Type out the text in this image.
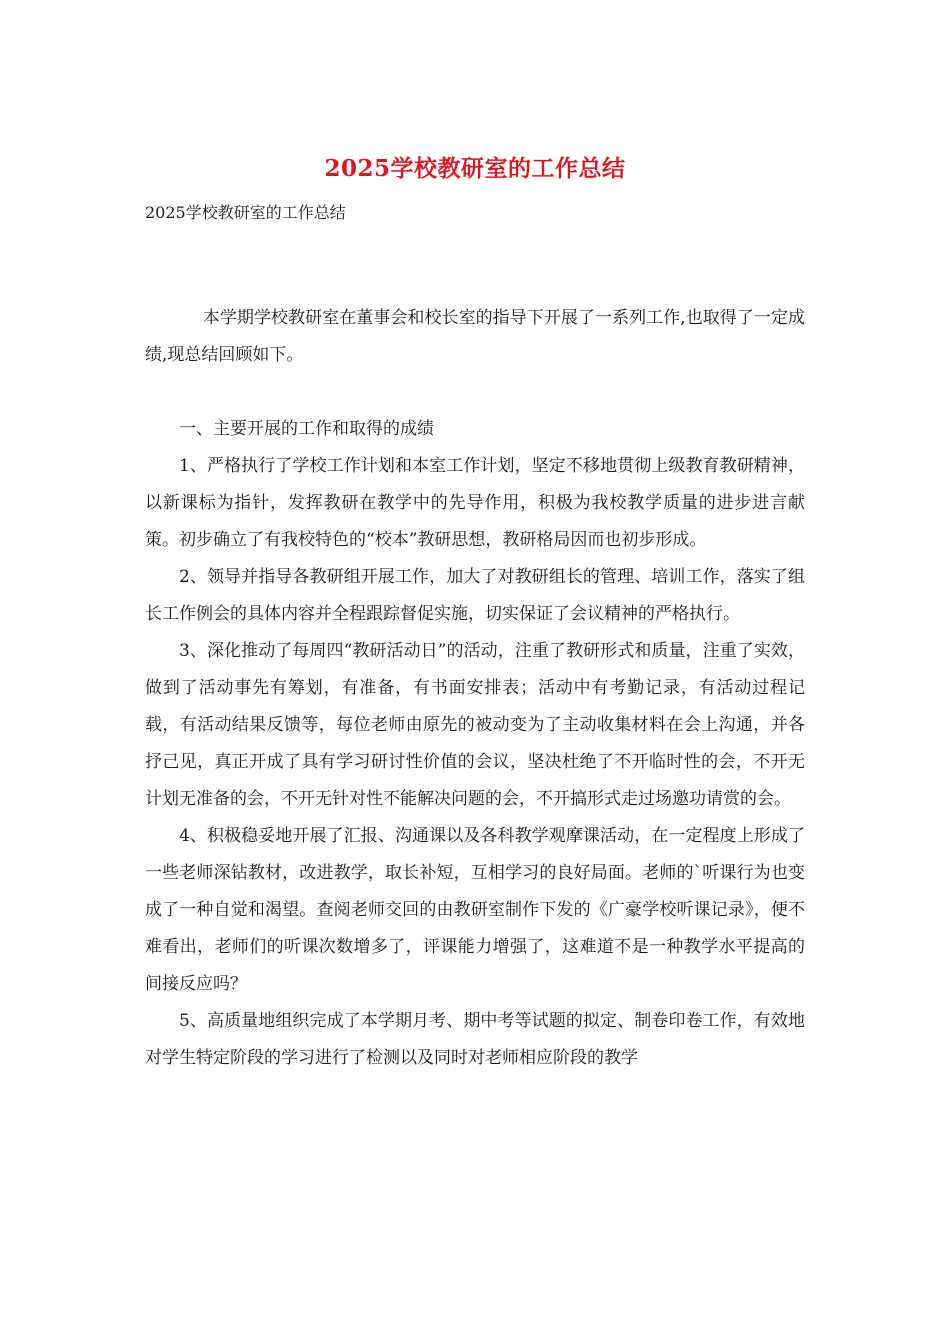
2025学校教研室的工作总结

2025学校教研室的工作总结

本学期学校教研室在董事会和校长室的指导下开展了一系列工作,也取得了一定成绩,现总结回顾如下。

一、主要开展的工作和取得的成绩

1、严格执行了学校工作计划和本室工作计划，坚定不移地贯彻上级教育教研精神，以新课标为指针，发挥教研在教学中的先导作用，积极为我校教学质量的进步进言献策。初步确立了有我校特色的“校本”教研思想，教研格局因而也初步形成。

2、领导并指导各教研组开展工作，加大了对教研组长的管理、培训工作，落实了组长工作例会的具体内容并全程跟踪督促实施，切实保证了会议精神的严格执行。

3、深化推动了每周四“教研活动日”的活动，注重了教研形式和质量，注重了实效，做到了活动事先有筹划，有准备，有书面安排表；活动中有考勤记录，有活动过程记载，有活动结果反馈等，每位老师由原先的被动变为了主动收集材料在会上沟通，并各抒己见，真正开成了具有学习研讨性价值的会议，坚决杜绝了不开临时性的会，不开无计划无准备的会，不开无针对性不能解决问题的会，不开搞形式走过场邀功请赏的会。

4、积极稳妥地开展了汇报、沟通课以及各科教学观摩课活动，在一定程度上形成了一些老师深钻教材，改进教学，取长补短，互相学习的良好局面。老师的`听课行为也变成了一种自觉和渴望。查阅老师交回的由教研室制作下发的《广豪学校听课记录》，便不难看出，老师们的听课次数增多了，评课能力增强了，这难道不是一种教学水平提高的间接反应吗？

5、高质量地组织完成了本学期月考、期中考等试题的拟定、制卷印卷工作，有效地对学生特定阶段的学习进行了检测以及同时对老师相应阶段的教学
